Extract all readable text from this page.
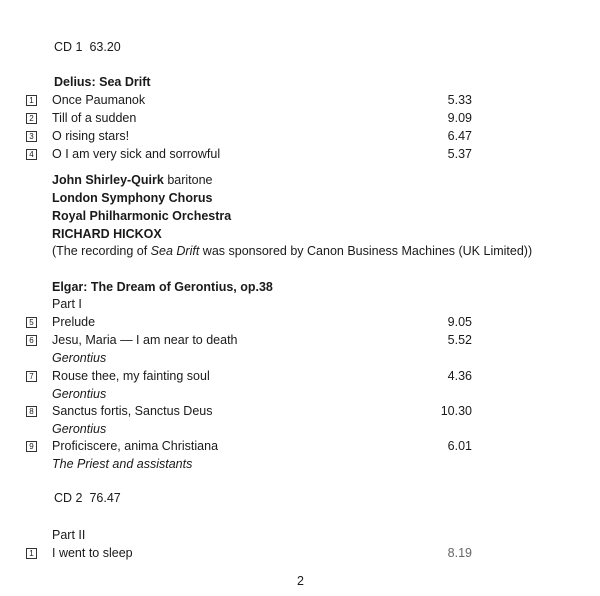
CD 1 63.20
Delius: Sea Drift
1 Once Paumanok	5.33
2 Till of a sudden	9.09
3 O rising stars!	6.47
4 O I am very sick and sorrowful	5.37
John Shirley-Quirk baritone
London Symphony Chorus
Royal Philharmonic Orchestra
RICHARD HICKOX
(The recording of Sea Drift was sponsored by Canon Business Machines (UK Limited))
Elgar: The Dream of Gerontius, op.38
Part I
5 Prelude	9.05
6 Jesu, Maria — I am near to death	5.52
Gerontius
7 Rouse thee, my fainting soul	4.36
Gerontius
8 Sanctus fortis, Sanctus Deus	10.30
Gerontius
9 Proficiscere, anima Christiana	6.01
The Priest and assistants
CD 2 76.47
Part II
1 I went to sleep	8.19
2
